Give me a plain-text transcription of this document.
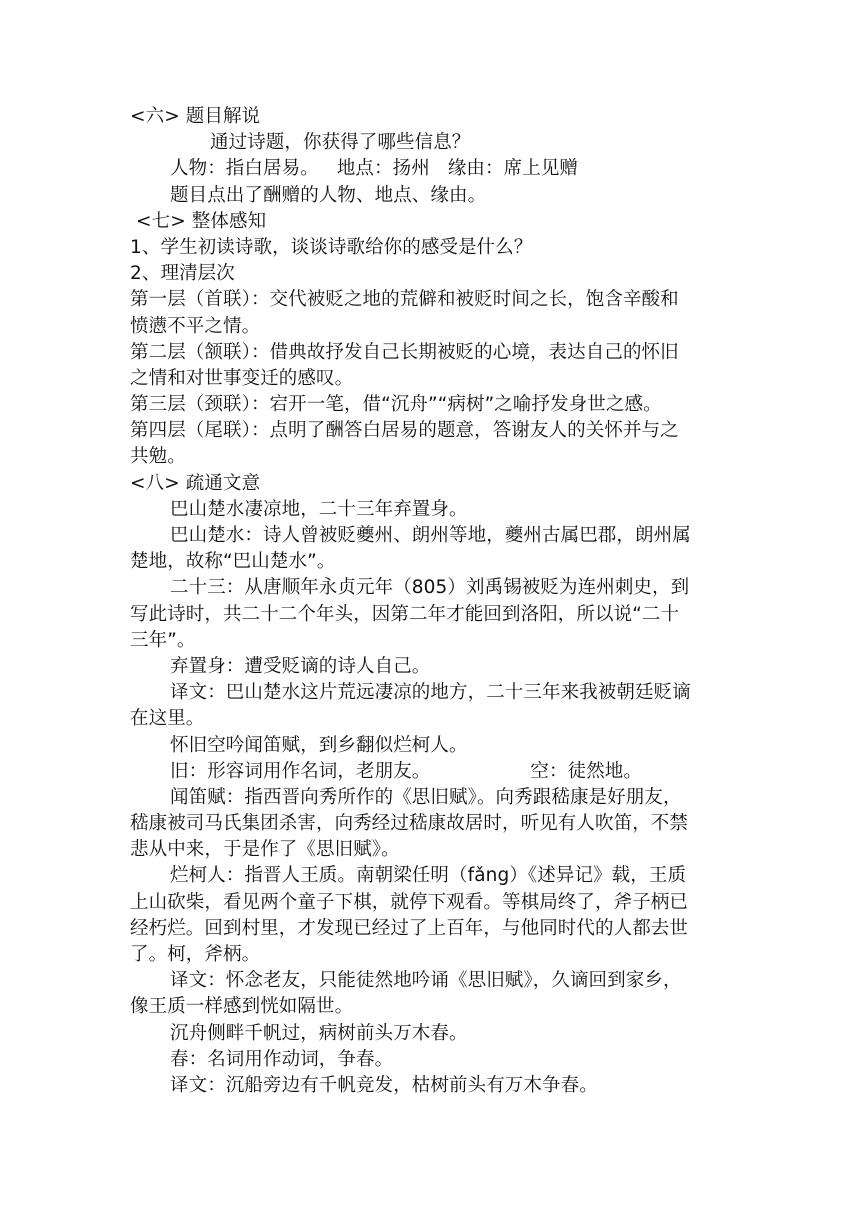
<六> 题目解说
通过诗题，你获得了哪些信息？
人物：指白居易。 地点：扬州 缘由：席上见赠
题目点出了酬赠的人物、地点、缘由。
<七> 整体感知
1、学生初读诗歌，谈谈诗歌给你的感受是什么？
2、理清层次
第一层（首联）：交代被贬之地的荒僻和被贬时间之长，饱含辛酸和
愤懑不平之情。
第二层（颔联）：借典故抒发自己长期被贬的心境，表达自己的怀旧
之情和对世事变迁的感叹。
第三层（颈联）：宕开一笔，借“沉舟”“病树”之喻抒发身世之感。
第四层（尾联）：点明了酬答白居易的题意，答谢友人的关怀并与之
共勉。
<八> 疏通文意
巴山楚水凄凉地，二十三年弃置身。
巴山楚水：诗人曾被贬夔州、朗州等地，夔州古属巴郡，朗州属
楚地，故称“巴山楚水”。
二十三：从唐顺年永贞元年（805）刘禹锡被贬为连州刺史，到
写此诗时，共二十二个年头，因第二年才能回到洛阳，所以说“二十
三年”。
弃置身：遭受贬谪的诗人自己。
译文：巴山楚水这片荒远凄凉的地方，二十三年来我被朝廷贬谪
在这里。
怀旧空吟闻笛赋，到乡翻似烂柯人。
旧：形容词用作名词，老朋友。	空：徒然地。
闻笛赋：指西晋向秀所作的《思旧赋》。向秀跟嵇康是好朋友，
嵇康被司马氏集团杀害，向秀经过嵇康故居时，听见有人吹笛，不禁
悲从中来，于是作了《思旧赋》。
烂柯人：指晋人王质。南朝梁任明（fǎng）《述异记》载，王质
上山砍柴，看见两个童子下棋，就停下观看。等棋局终了，斧子柄已
经朽烂。回到村里，才发现已经过了上百年，与他同时代的人都去世
了。柯，斧柄。
译文：怀念老友，只能徒然地吟诵《思旧赋》，久谪回到家乡，
像王质一样感到恍如隔世。
沉舟侧畔千帆过，病树前头万木春。
春：名词用作动词，争春。
译文：沉船旁边有千帆竞发，枯树前头有万木争春。
